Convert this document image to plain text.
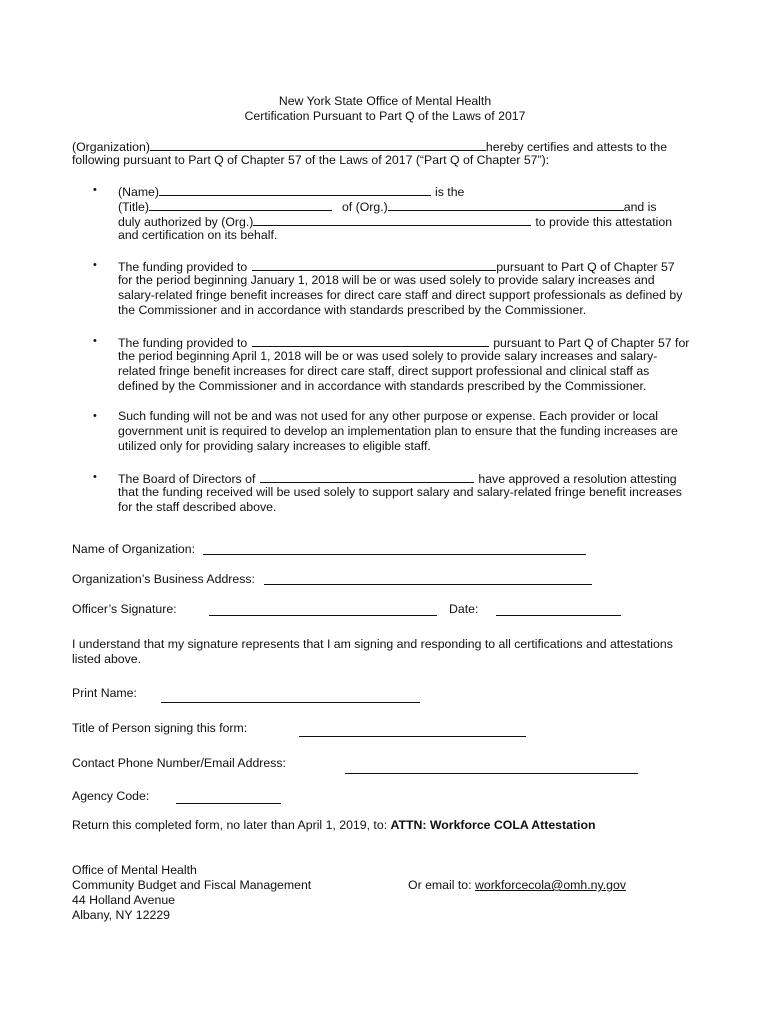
New York State Office of Mental Health
Certification Pursuant to Part Q of the Laws of 2017
(Organization)	hereby certifies and attests to the
following pursuant to Part Q of Chapter 57 of the Laws of 2017 (“Part Q of Chapter 57”):
•	(Name)	is the
(Title)	of (Org.)	and is
duly authorized by (Org.)	to provide this attestation
and certification on its behalf.
•	The funding provided to	pursuant to Part Q of Chapter 57
for the period beginning January 1, 2018 will be or was used solely to provide salary increases and
salary-related fringe benefit increases for direct care staff and direct support professionals as defined by
the Commissioner and in accordance with standards prescribed by the Commissioner.
•	The funding provided to	pursuant to Part Q of Chapter 57 for
the period beginning April 1, 2018 will be or was used solely to provide salary increases and salary-
related fringe benefit increases for direct care staff, direct support professional and clinical staff as
defined by the Commissioner and in accordance with standards prescribed by the Commissioner.
•	Such funding will not be and was not used for any other purpose or expense. Each provider or local
government unit is required to develop an implementation plan to ensure that the funding increases are
utilized only for providing salary increases to eligible staff.
•	The Board of Directors of	have approved a resolution attesting
that the funding received will be used solely to support salary and salary-related fringe benefit increases
for the staff described above.
Name of Organization:
Organization’s Business Address:
Officer’s Signature:	Date:
I understand that my signature represents that I am signing and responding to all certifications and attestations
listed above.
Print Name:
Title of Person signing this form:
Contact Phone Number/Email Address:
Agency Code:
Return this completed form, no later than April 1, 2019, to: ATTN: Workforce COLA Attestation
Office of Mental Health
Community Budget and Fiscal Management
44 Holland Avenue
Albany, NY 12229
Or email to: workforcecola@omh.ny.gov
